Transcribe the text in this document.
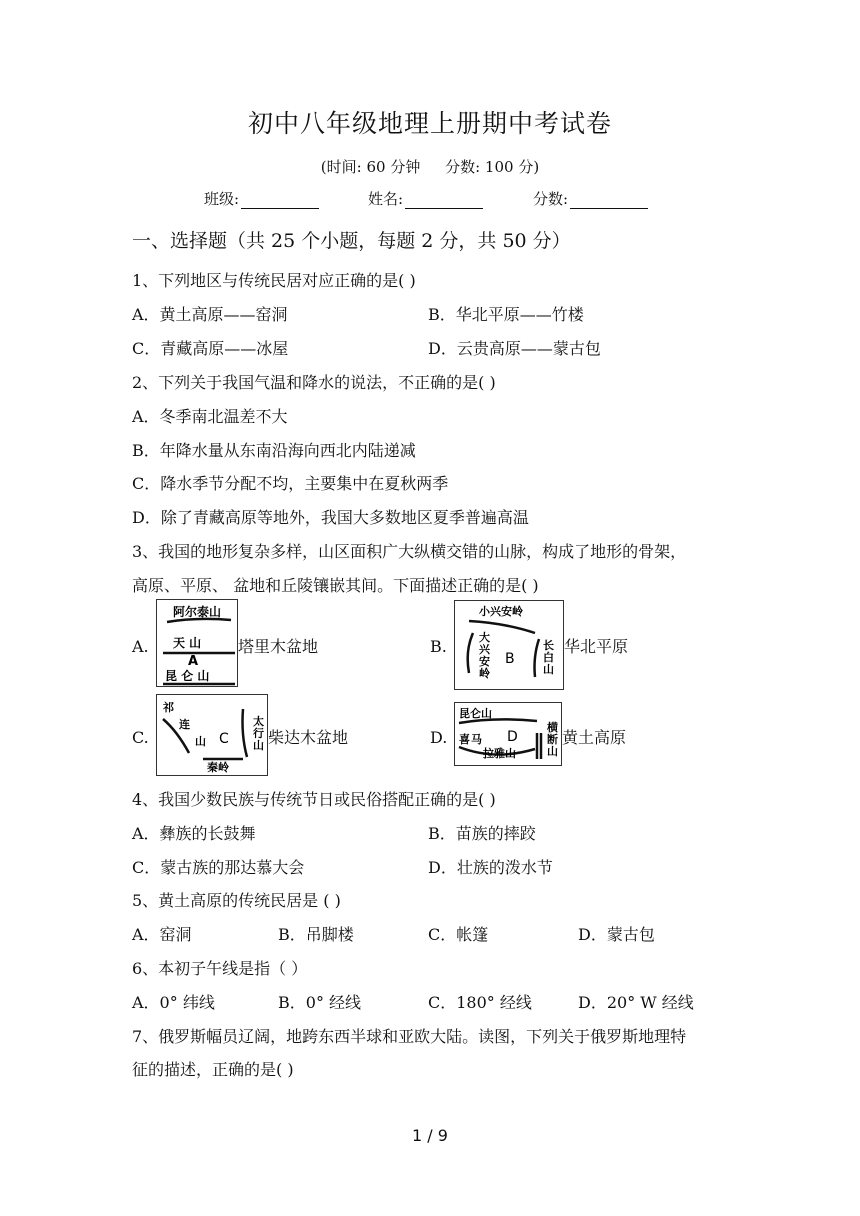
初中八年级地理上册期中考试卷
(时间: 60 分钟 分数: 100 分)
班级:	姓名:	分数:
一、选择题（共 25 个小题，每题 2 分，共 50 分）
1、下列地区与传统民居对应正确的是( )
A．黄土高原——窑洞	B．华北平原——竹楼
C．青藏高原——冰屋	D．云贵高原——蒙古包
2、下列关于我国气温和降水的说法，不正确的是( )
A．冬季南北温差不大
B．年降水量从东南沿海向西北内陆递减
C．降水季节分配不均，主要集中在夏秋两季
D．除了青藏高原等地外，我国大多数地区夏季普遍高温
3、我国的地形复杂多样，山区面积广大纵横交错的山脉，构成了地形的骨架，
高原、平原、 盆地和丘陵镶嵌其间。下面描述正确的是( )
A.
阿尔泰山
天 山
A
昆 仑 山
塔里木盆地	B.
小兴安岭
大
兴
安
岭
B
长
白
山
华北平原
C.
祁
连
山 C
太
行
山
秦岭
柴达木盆地	D.
昆仑山
喜 马 D
拉雅山
横
断
山
黄土高原
4、我国少数民族与传统节日或民俗搭配正确的是( )
A．彝族的长鼓舞	B．苗族的摔跤
C．蒙古族的那达慕大会	D．壮族的泼水节
5、黄土高原的传统民居是 ( )
A．窑洞	B．吊脚楼	C．帐篷	D．蒙古包
6、本初子午线是指（ ）
A．0° 纬线	B．0° 经线	C．180° 经线	D．20° W 经线
7、俄罗斯幅员辽阔，地跨东西半球和亚欧大陆。读图，下列关于俄罗斯地理特
征的描述，正确的是( )
1 / 9
